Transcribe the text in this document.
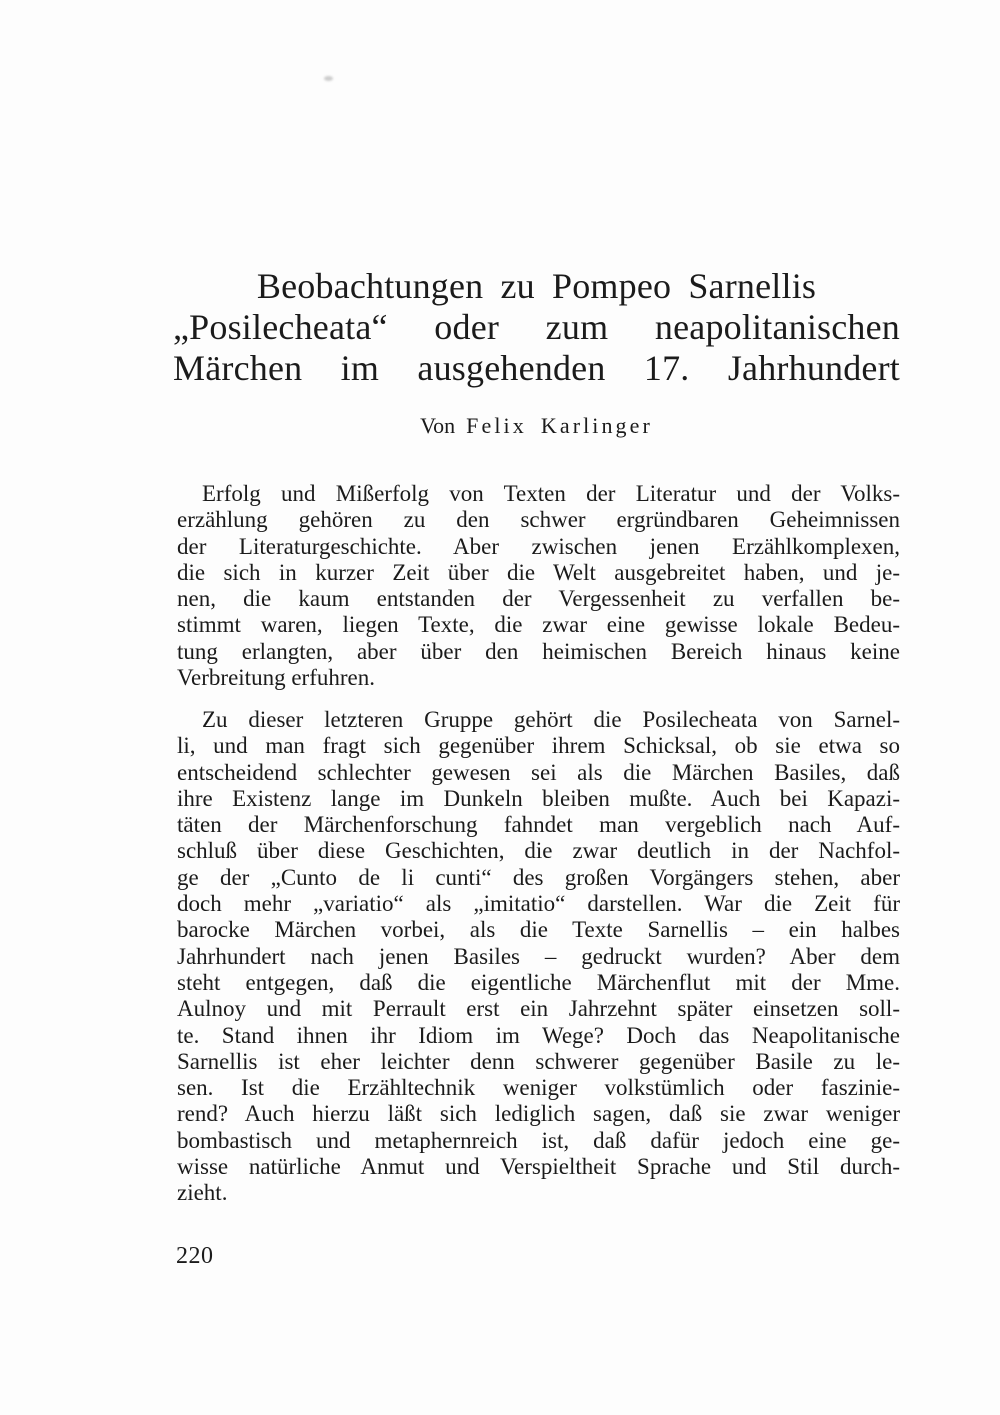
Beobachtungen zu Pompeo Sarnellis
„Posilecheata“ oder zum neapolitanischen
Märchen im ausgehenden 17. Jahrhundert
Von Felix Karlinger
Erfolg und Mißerfolg von Texten der Literatur und der Volks-
erzählung gehören zu den schwer ergründbaren Geheimnissen
der Literaturgeschichte. Aber zwischen jenen Erzählkomplexen,
die sich in kurzer Zeit über die Welt ausgebreitet haben, und je-
nen, die kaum entstanden der Vergessenheit zu verfallen be-
stimmt waren, liegen Texte, die zwar eine gewisse lokale Bedeu-
tung erlangten, aber über den heimischen Bereich hinaus keine
Verbreitung erfuhren.
Zu dieser letzteren Gruppe gehört die Posilecheata von Sarnel-
li, und man fragt sich gegenüber ihrem Schicksal, ob sie etwa so
entscheidend schlechter gewesen sei als die Märchen Basiles, daß
ihre Existenz lange im Dunkeln bleiben mußte. Auch bei Kapazi-
täten der Märchenforschung fahndet man vergeblich nach Auf-
schluß über diese Geschichten, die zwar deutlich in der Nachfol-
ge der „Cunto de li cunti“ des großen Vorgängers stehen, aber
doch mehr „variatio“ als „imitatio“ darstellen. War die Zeit für
barocke Märchen vorbei, als die Texte Sarnellis – ein halbes
Jahrhundert nach jenen Basiles – gedruckt wurden? Aber dem
steht entgegen, daß die eigentliche Märchenflut mit der Mme.
Aulnoy und mit Perrault erst ein Jahrzehnt später einsetzen soll-
te. Stand ihnen ihr Idiom im Wege? Doch das Neapolitanische
Sarnellis ist eher leichter denn schwerer gegenüber Basile zu le-
sen. Ist die Erzähltechnik weniger volkstümlich oder faszinie-
rend? Auch hierzu läßt sich lediglich sagen, daß sie zwar weniger
bombastisch und metaphernreich ist, daß dafür jedoch eine ge-
wisse natürliche Anmut und Verspieltheit Sprache und Stil durch-
zieht.
220
